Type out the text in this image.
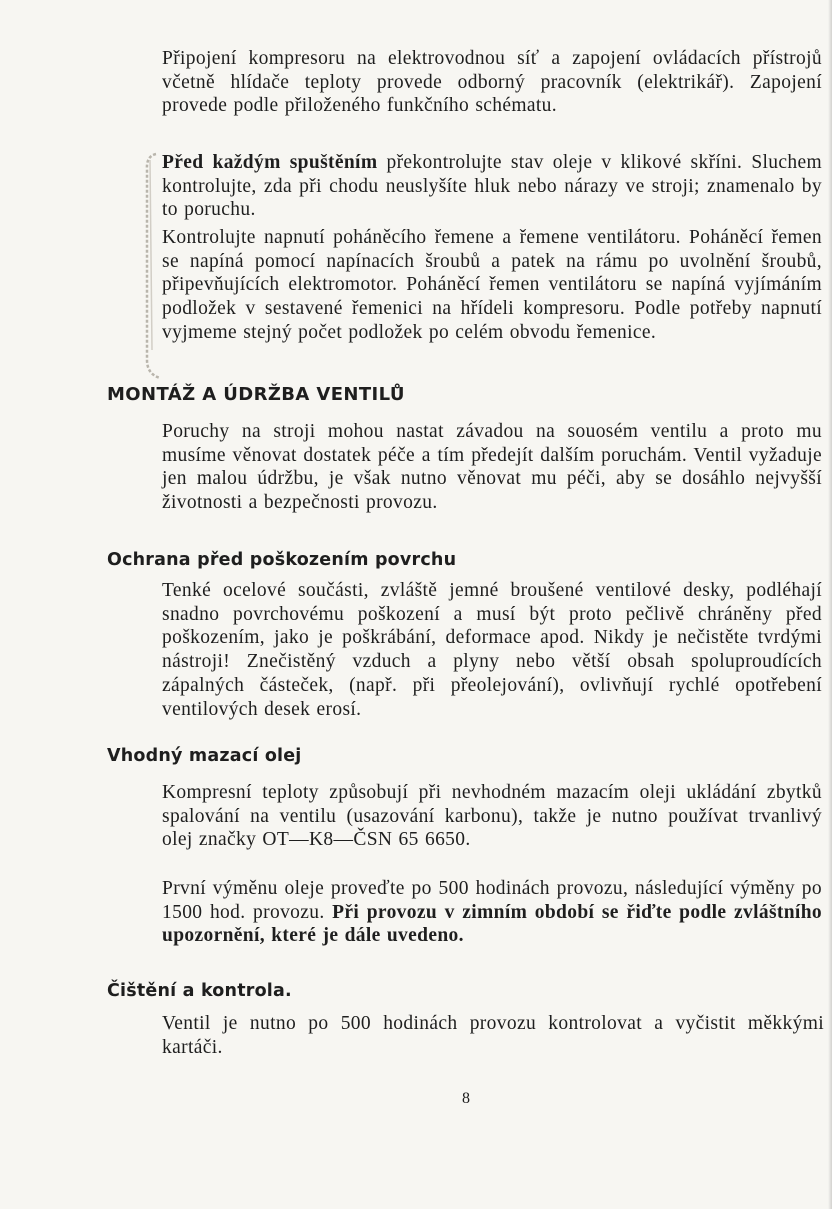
Připojení kompresoru na elektrovodnou síť a zapojení ovládacích přístrojů včetně hlídače teploty provede odborný pracovník (elektrikář). Zapojení provede podle přiloženého funkčního schématu.
Před každým spuštěním překontrolujte stav oleje v klikové skříni. Sluchem kontrolujte, zda při chodu neuslyšíte hluk nebo nárazy ve stroji; znamenalo by to poruchu.
Kontrolujte napnutí poháněcího řemene a řemene ventilátoru. Poháněcí řemen se napíná pomocí napínacích šroubů a patek na rámu po uvolnění šroubů, připevňujících elektromotor. Poháněcí řemen ventilátoru se napíná vyjímáním podložek v sestavené řemenici na hřídeli kompresoru. Podle potřeby napnutí vyjmeme stejný počet podložek po celém obvodu řemenice.
MONTÁŽ A ÚDRŽBA VENTILŮ
Poruchy na stroji mohou nastat závadou na souosém ventilu a proto mu musíme věnovat dostatek péče a tím předejít dalším poruchám. Ventil vyžaduje jen malou údržbu, je však nutno věnovat mu péči, aby se dosáhlo nejvyšší životnosti a bezpečnosti provozu.
Ochrana před poškozením povrchu
Tenké ocelové součásti, zvláště jemné broušené ventilové desky, podléhají snadno povrchovému poškození a musí být proto pečlivě chráněny před poškozením, jako je poškrábání, deformace apod. Nikdy je nečistěte tvrdými nástroji! Znečistěný vzduch a plyny nebo větší obsah spoluproudících zápalných částeček, (např. při přeolejování), ovlivňují rychlé opotřebení ventilových desek erosí.
Vhodný mazací olej
Kompresní teploty způsobují při nevhodném mazacím oleji ukládání zbytků spalování na ventilu (usazování karbonu), takže je nutno používat trvanlivý olej značky OT—K8—ČSN 65 6650.
První výměnu oleje proveďte po 500 hodinách provozu, následující výměny po 1500 hod. provozu. Při provozu v zimním období se řiďte podle zvláštního upozornění, které je dále uvedeno.
Čištění a kontrola.
Ventil je nutno po 500 hodinách provozu kontrolovat a vyčistit měkkými kartáči.
8
